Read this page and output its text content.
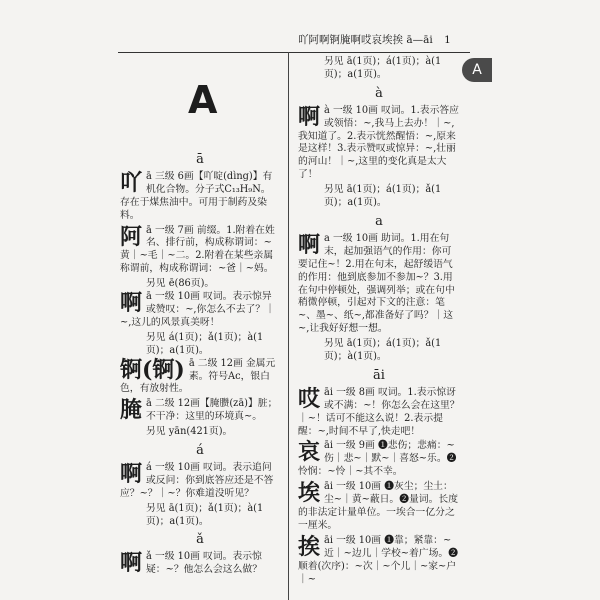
吖阿啊锕腌啊哎哀埃挨 ā—āi 1
A
A
ā
吖ā 三级 6画【吖啶(dìng)】有机化合物。分子式C₁₃H₉N。存在于煤焦油中。可用于制药及染料。
阿ā 一级 7画 前缀。1.附着在姓名、排行前，构成称谓词：~黄｜~毛｜~二。2.附着在某些亲属称谓前，构成称谓词：~爸｜~妈。

另见 ē(86页)。

啊ā 一级 10画 叹词。表示惊异或赞叹：~,你怎么不去了？｜~,这儿的风景真美呀！

另见 á(1页)；ǎ(1页)；à(1页)；a(1页)。

锕(锕) ā 二级 12画 金属元素。符号Ac，银白色，有放射性。
腌ā 二级 12画【腌臜(zā)】脏；不干净：这里的环境真~。

另见 yān(421页)。

á
啊á 一级 10画 叹词。表示追问或反问：你到底答应还是不答应？~？｜~？你难道没听见？

另见 ā(1页)；ǎ(1页)；à(1页)；a(1页)。

ǎ
啊ǎ 一级 10画 叹词。表示惊疑：~？他怎么会这么做？

另见 ā(1页)；á(1页)；à(1页)；a(1页)。

à
啊à 一级 10画 叹词。1.表示答应或领悟：~,我马上去办！｜~,我知道了。2.表示恍然醒悟：~,原来是这样！3.表示赞叹或惊异：~,壮丽的河山！｜~,这里的变化真是太大了！

另见 ā(1页)；á(1页)；ǎ(1页)；a(1页)。

a
啊a 一级 10画 助词。1.用在句末，起加强语气的作用：你可要记住~！2.用在句末，起舒缓语气的作用：他到底参加不参加~？3.用在句中停顿处，强调列举；或在句中稍微停顿，引起对下文的注意：笔~、墨~、纸~,都准备好了吗？｜这~,让我好好想一想。

另见 ā(1页)；á(1页)；ǎ(1页)；à(1页)。

āi
哎āi 一级 8画 叹词。1.表示惊讶或不满：~！你怎么会在这里？｜~！话可不能这么说！2.表示提醒：~,时间不早了,快走吧！
哀āi 一级 9画 ❶悲伤；悲痛：~伤｜悲~｜默~｜喜怒~乐。❷怜悯：~怜｜~其不幸。
埃āi 一级 10画 ❶灰尘；尘土：尘~｜黄~蔽日。❷量词。长度的非法定计量单位。一埃合一亿分之一厘米。
挨āi 一级 10画 ❶靠；紧靠：~近｜~边儿｜学校~着广场。❷顺着(次序)：~次｜~个儿｜~家~户｜~
